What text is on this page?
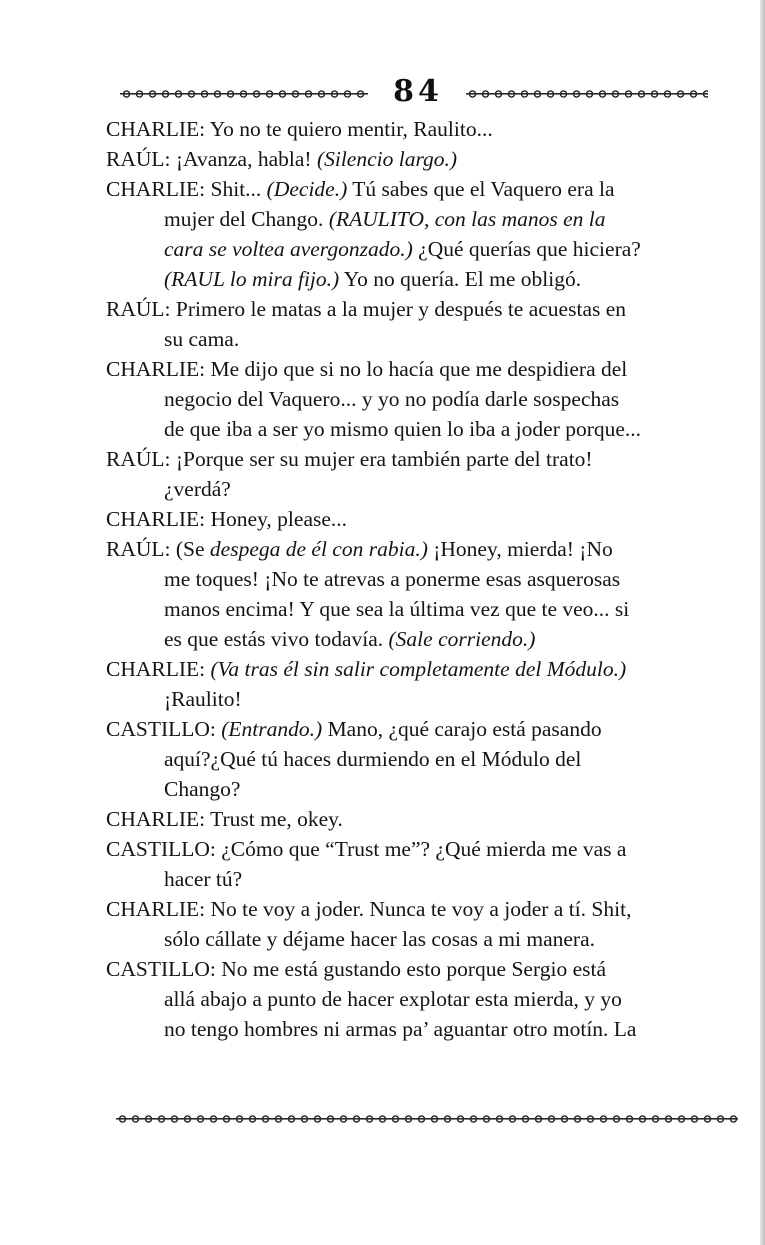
84
CHARLIE: Yo no te quiero mentir, Raulito...
RAÚL: ¡Avanza, habla! (Silencio largo.)
CHARLIE: Shit... (Decide.) Tú sabes que el Vaquero era la
mujer del Chango. (RAULITO, con las manos en la
cara se voltea avergonzado.) ¿Qué querías que hiciera?
(RAUL lo mira fijo.) Yo no quería. El me obligó.
RAÚL: Primero le matas a la mujer y después te acuestas en
su cama.
CHARLIE: Me dijo que si no lo hacía que me despidiera del
negocio del Vaquero... y yo no podía darle sospechas
de que iba a ser yo mismo quien lo iba a joder porque...
RAÚL: ¡Porque ser su mujer era también parte del trato!
¿verdá?
CHARLIE: Honey, please...
RAÚL: (Se despega de él con rabia.) ¡Honey, mierda! ¡No
me toques! ¡No te atrevas a ponerme esas asquerosas
manos encima! Y que sea la última vez que te veo... si
es que estás vivo todavía. (Sale corriendo.)
CHARLIE: (Va tras él sin salir completamente del Módulo.)
¡Raulito!
CASTILLO: (Entrando.) Mano, ¿qué carajo está pasando
aquí?¿Qué tú haces durmiendo en el Módulo del
Chango?
CHARLIE: Trust me, okey.
CASTILLO: ¿Cómo que “Trust me”? ¿Qué mierda me vas a
hacer tú?
CHARLIE: No te voy a joder. Nunca te voy a joder a tí. Shit,
sólo cállate y déjame hacer las cosas a mi manera.
CASTILLO: No me está gustando esto porque Sergio está
allá abajo a punto de hacer explotar esta mierda, y yo
no tengo hombres ni armas pa’ aguantar otro motín. La
